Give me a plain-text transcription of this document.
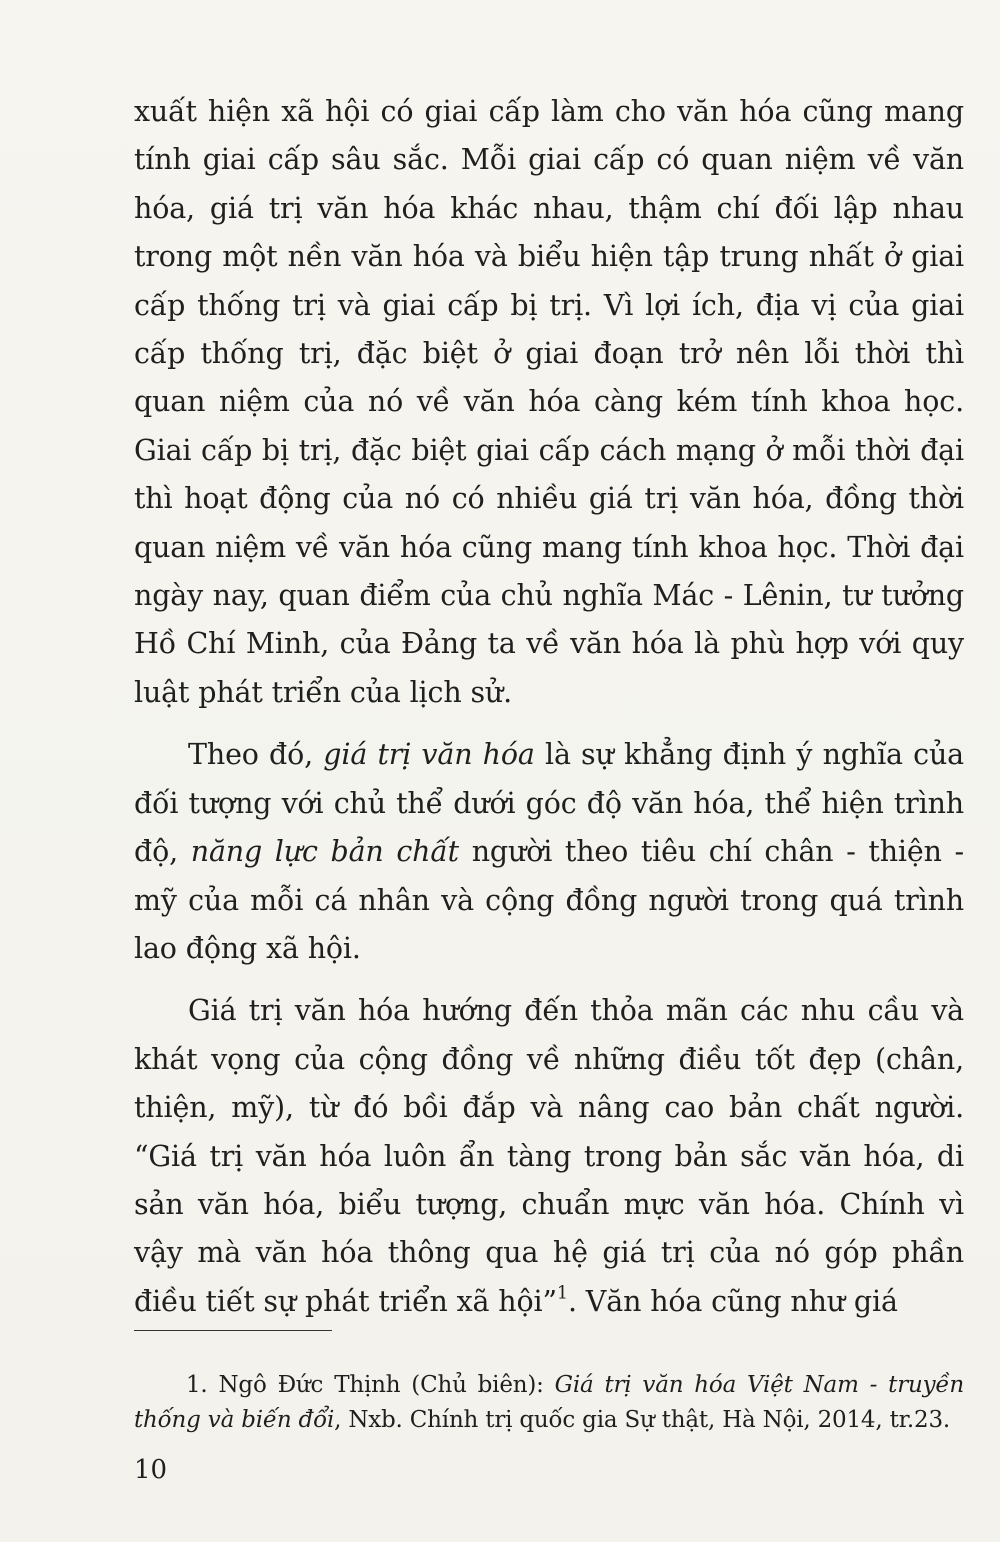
xuất hiện xã hội có giai cấp làm cho văn hóa cũng mang tính giai cấp sâu sắc. Mỗi giai cấp có quan niệm về văn hóa, giá trị văn hóa khác nhau, thậm chí đối lập nhau trong một nền văn hóa và biểu hiện tập trung nhất ở giai cấp thống trị và giai cấp bị trị. Vì lợi ích, địa vị của giai cấp thống trị, đặc biệt ở giai đoạn trở nên lỗi thời thì quan niệm của nó về văn hóa càng kém tính khoa học. Giai cấp bị trị, đặc biệt giai cấp cách mạng ở mỗi thời đại thì hoạt động của nó có nhiều giá trị văn hóa, đồng thời quan niệm về văn hóa cũng mang tính khoa học. Thời đại ngày nay, quan điểm của chủ nghĩa Mác - Lênin, tư tưởng Hồ Chí Minh, của Đảng ta về văn hóa là phù hợp với quy luật phát triển của lịch sử.

Theo đó, giá trị văn hóa là sự khẳng định ý nghĩa của đối tượng với chủ thể dưới góc độ văn hóa, thể hiện trình độ, năng lực bản chất người theo tiêu chí chân - thiện - mỹ của mỗi cá nhân và cộng đồng người trong quá trình lao động xã hội.

Giá trị văn hóa hướng đến thỏa mãn các nhu cầu và khát vọng của cộng đồng về những điều tốt đẹp (chân, thiện, mỹ), từ đó bồi đắp và nâng cao bản chất người. “Giá trị văn hóa luôn ẩn tàng trong bản sắc văn hóa, di sản văn hóa, biểu tượng, chuẩn mực văn hóa. Chính vì vậy mà văn hóa thông qua hệ giá trị của nó góp phần điều tiết sự phát triển xã hội”$^1$. Văn hóa cũng như giá

1. Ngô Đức Thịnh (Chủ biên): Giá trị văn hóa Việt Nam - truyền thống và biến đổi, Nxb. Chính trị quốc gia Sự thật, Hà Nội, 2014, tr.23.

10
